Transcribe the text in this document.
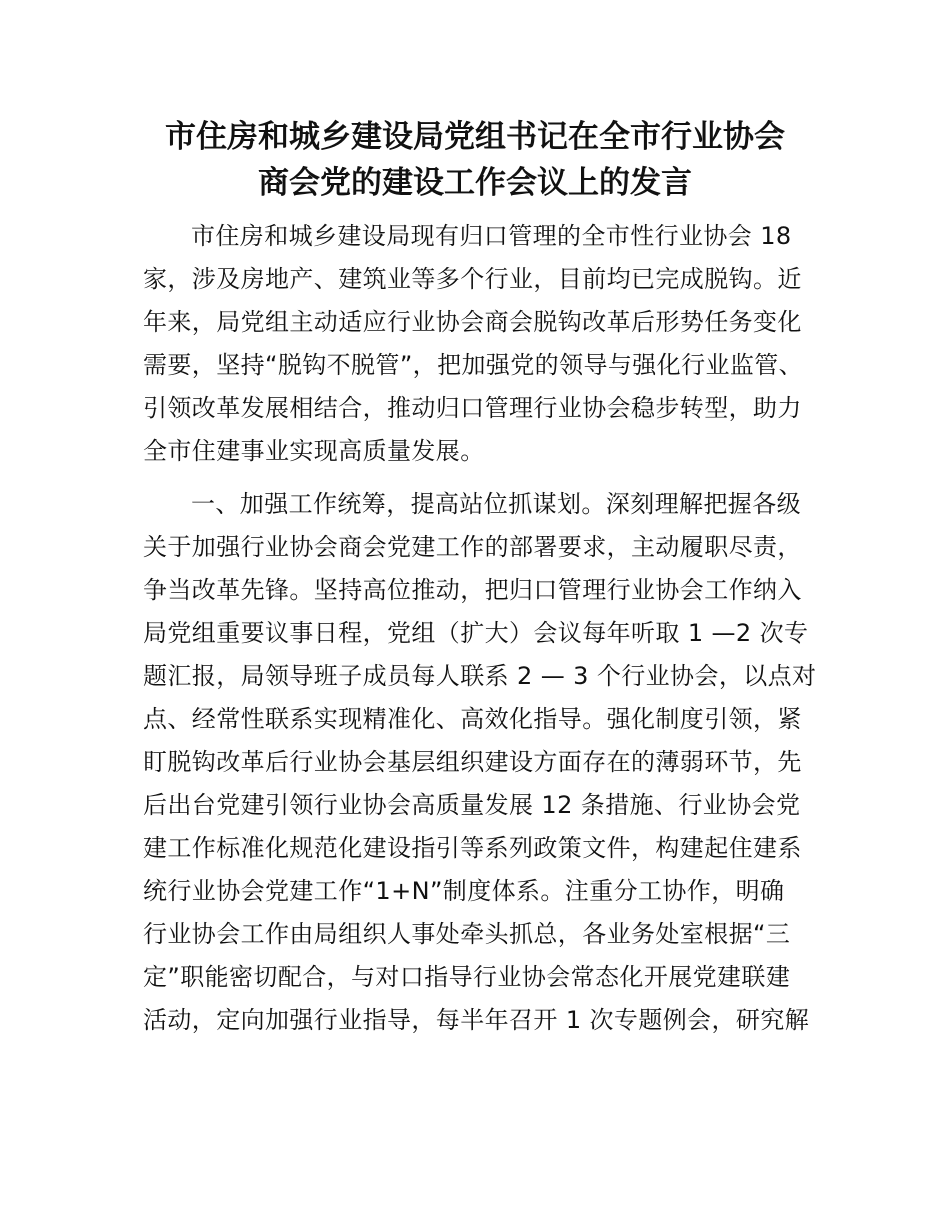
市住房和城乡建设局党组书记在全市行业协会
商会党的建设工作会议上的发言
市住房和城乡建设局现有归口管理的全市性行业协会 18
家，涉及房地产、建筑业等多个行业，目前均已完成脱钩。近
年来，局党组主动适应行业协会商会脱钩改革后形势任务变化
需要，坚持“脱钩不脱管”，把加强党的领导与强化行业监管、
引领改革发展相结合，推动归口管理行业协会稳步转型，助力
全市住建事业实现高质量发展。
一、加强工作统筹，提高站位抓谋划。深刻理解把握各级
关于加强行业协会商会党建工作的部署要求，主动履职尽责，
争当改革先锋。坚持高位推动，把归口管理行业协会工作纳入
局党组重要议事日程，党组（扩大）会议每年听取 1 —2 次专
题汇报，局领导班子成员每人联系 2 — 3 个行业协会，以点对
点、经常性联系实现精准化、高效化指导。强化制度引领，紧
盯脱钩改革后行业协会基层组织建设方面存在的薄弱环节，先
后出台党建引领行业协会高质量发展 12 条措施、行业协会党
建工作标准化规范化建设指引等系列政策文件，构建起住建系
统行业协会党建工作“1+N”制度体系。注重分工协作，明确
行业协会工作由局组织人事处牵头抓总，各业务处室根据“三
定”职能密切配合，与对口指导行业协会常态化开展党建联建
活动，定向加强行业指导，每半年召开 1 次专题例会，研究解
